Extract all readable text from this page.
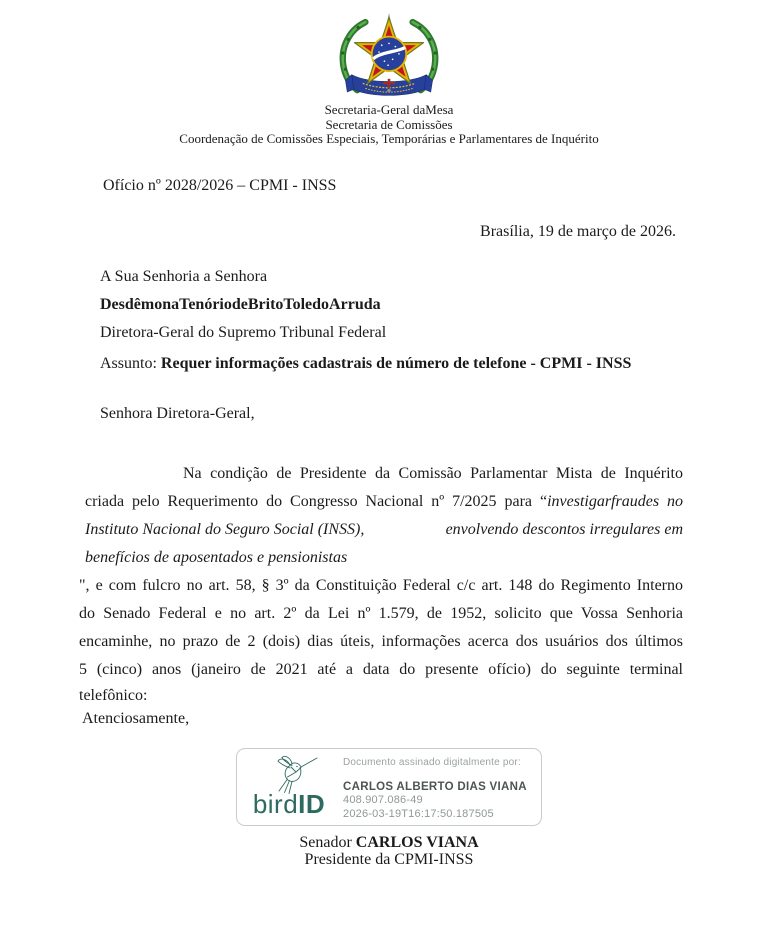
Secretaria-Geral daMesa
Secretaria de Comissões
Coordenação de Comissões Especiais, Temporárias e Parlamentares de Inquérito
Ofício nº 2028/2026 – CPMI - INSS
Brasília, 19 de março de 2026.
A Sua Senhoria a Senhora
DesdêmonaTenóriodeBritoToledoArruda
Diretora-Geral do Supremo Tribunal Federal
Assunto: Requer informações cadastrais de número de telefone - CPMI - INSS
Senhora Diretora-Geral,
Na condição de Presidente da Comissão Parlamentar Mista de Inquérito
criada pelo Requerimento do Congresso Nacional nº 7/2025 para “investigarfraudes no
Instituto Nacional do Seguro Social (INSS),	envolvendo descontos irregulares em
benefícios de aposentados e pensionistas
", e com fulcro no art. 58, § 3º da Constituição Federal c/c art. 148 do Regimento Interno
do Senado Federal e no art. 2º da Lei nº 1.579, de 1952, solicito que Vossa Senhoria
encaminhe, no prazo de 2 (dois) dias úteis, informações acerca dos usuários dos últimos
5 (cinco) anos (janeiro de 2021 até a data do presente ofício) do seguinte terminal
telefônico:
Atenciosamente,
birdID
Documento assinado digitalmente por:
CARLOS ALBERTO DIAS VIANA
408.907.086-49
2026-03-19T16:17:50.187505
Senador CARLOS VIANA
Presidente da CPMI-INSS
